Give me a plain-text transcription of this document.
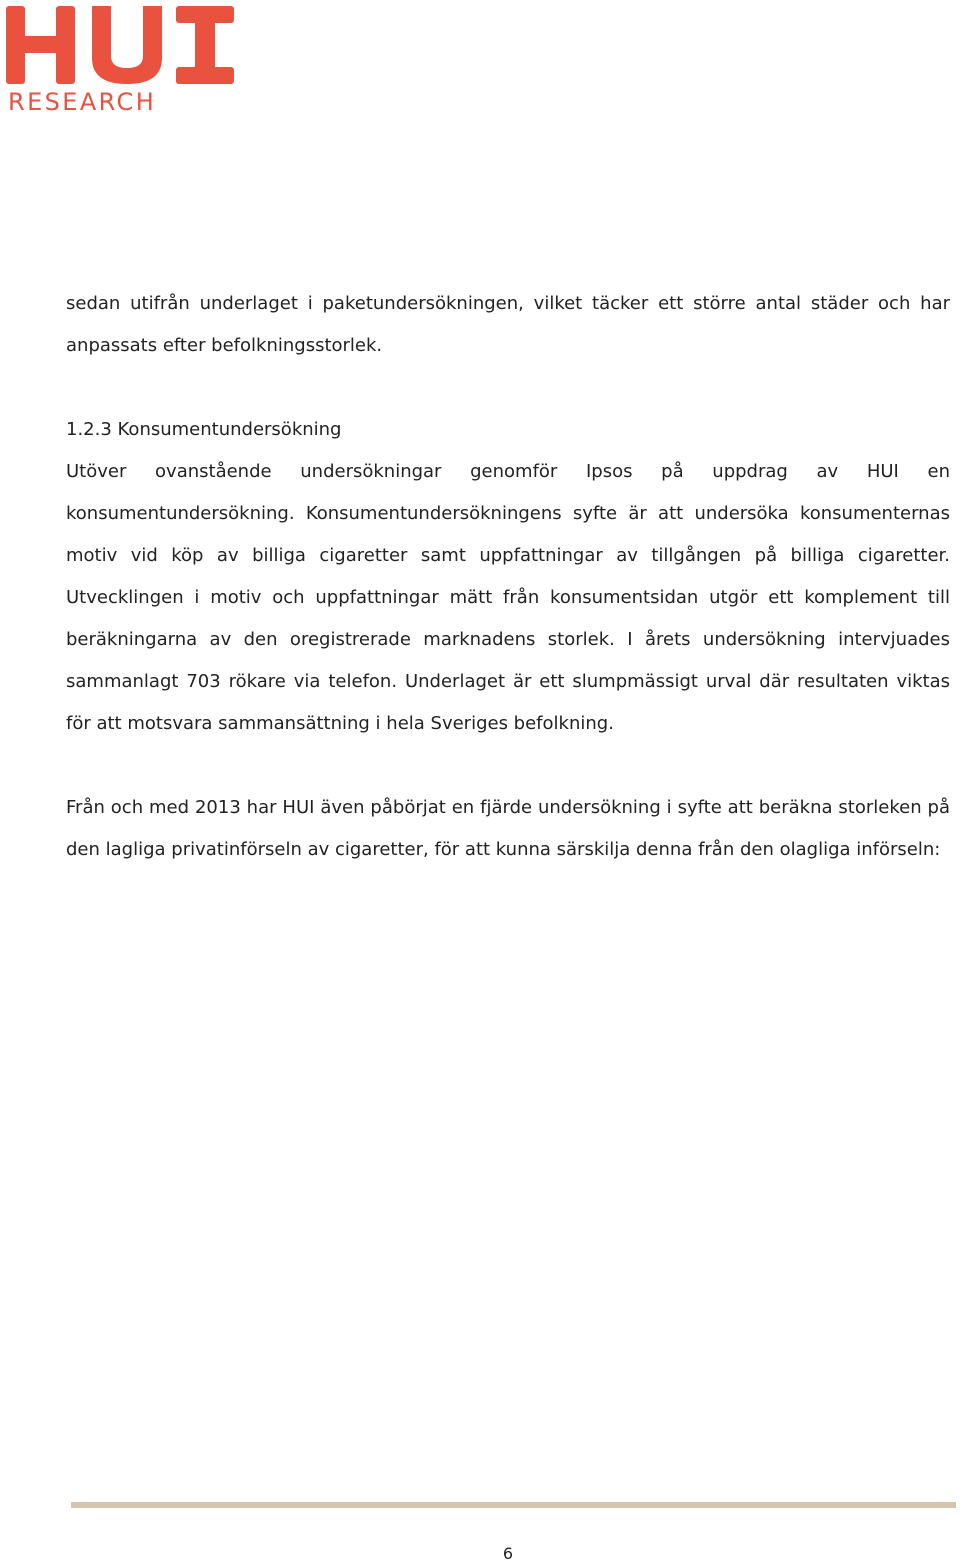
RESEARCH

sedan utifrån underlaget i paketundersökningen, vilket täcker ett större antal städer och har anpassats efter befolkningsstorlek.

1.2.3 Konsumentundersökning

Utöver ovanstående undersökningar genomför Ipsos på uppdrag av HUI en konsumentundersökning. Konsumentundersökningens syfte är att undersöka konsumenternas motiv vid köp av billiga cigaretter samt uppfattningar av tillgången på billiga cigaretter. Utvecklingen i motiv och uppfattningar mätt från konsumentsidan utgör ett komplement till beräkningarna av den oregistrerade marknadens storlek. I årets undersökning intervjuades sammanlagt 703 rökare via telefon. Underlaget är ett slumpmässigt urval där resultaten viktas för att motsvara sammansättning i hela Sveriges befolkning.

Från och med 2013 har HUI även påbörjat en fjärde undersökning i syfte att beräkna storleken på den lagliga privatinförseln av cigaretter, för att kunna särskilja denna från den olagliga införseln:

6
